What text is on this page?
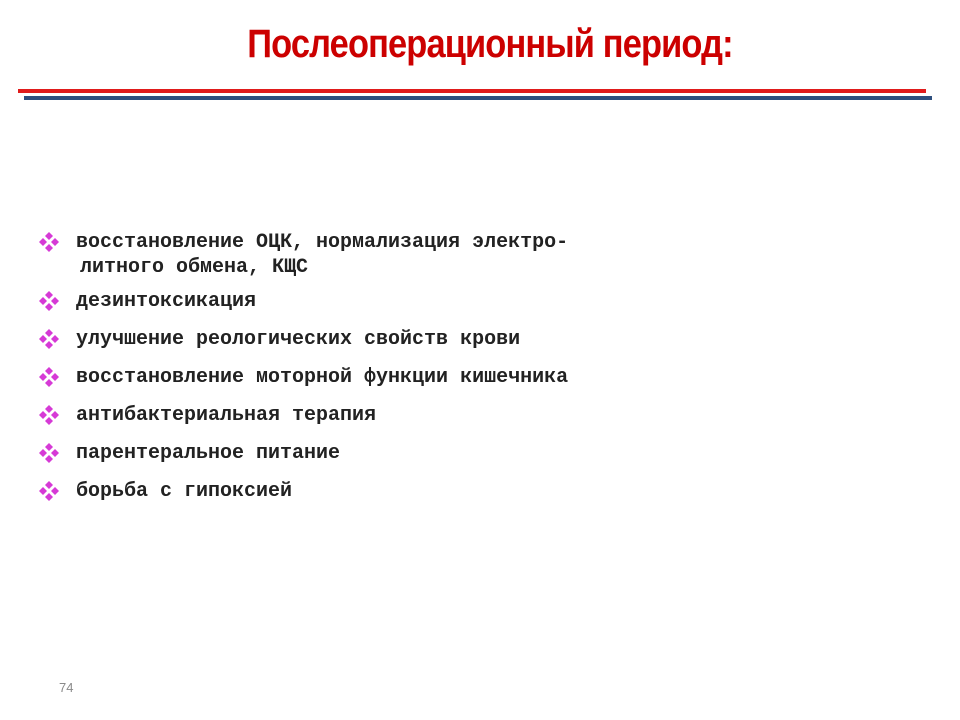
Послеоперационный период:
восстановление ОЦК, нормализация электро-
литного обмена, КЩС
дезинтоксикация
улучшение реологических свойств крови
восстановление моторной функции кишечника
антибактериальная терапия
парентеральное питание
борьба с гипоксией
74
